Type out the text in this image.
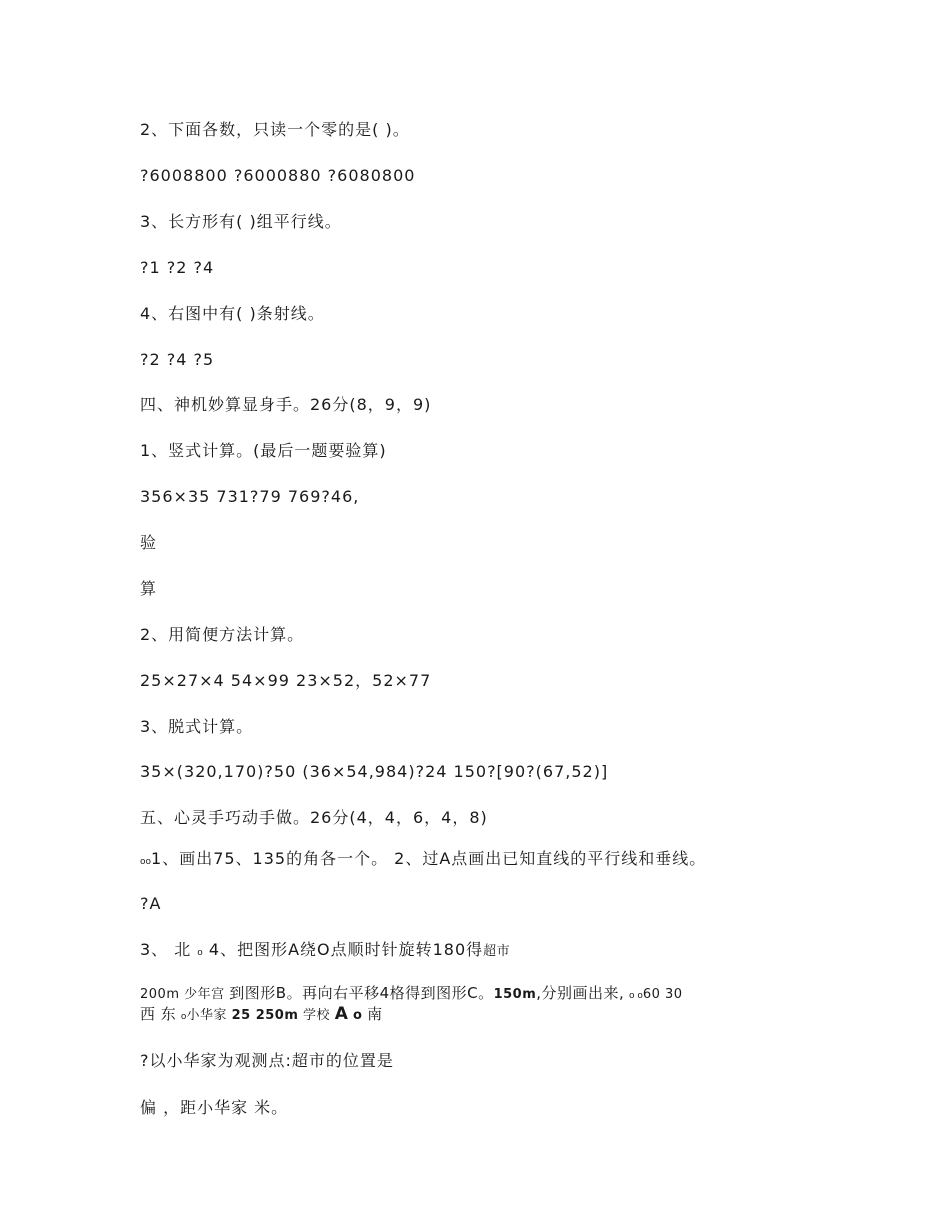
2、下面各数，只读一个零的是( )。
?6008800 ?6000880 ?6080800
3、长方形有( )组平行线。
?1 ?2 ?4
4、右图中有( )条射线。
?2 ?4 ?5
四、神机妙算显身手。26分(8，9，9)
1、竖式计算。(最后一题要验算)
356×35 731?79 769?46,
验
算
2、用简便方法计算。
25×27×4 54×99 23×52，52×77
3、脱式计算。
35×(320,170)?50 (36×54,984)?24 150?[90?(67,52)]
五、心灵手巧动手做。26分(4，4，6，4，8)
oo1、画出75、135的角各一个。 2、过A点画出已知直线的平行线和垂线。
?A
3、 北 o 4、把图形A绕O点顺时针旋转180得超市
200m 少年宫 到图形B。再向右平移4格得到图形C。150m,分别画出来, o o60 30
西 东 o小华家 25 250m 学校 A o 南
?以小华家为观测点:超市的位置是
偏 ，距小华家 米。
